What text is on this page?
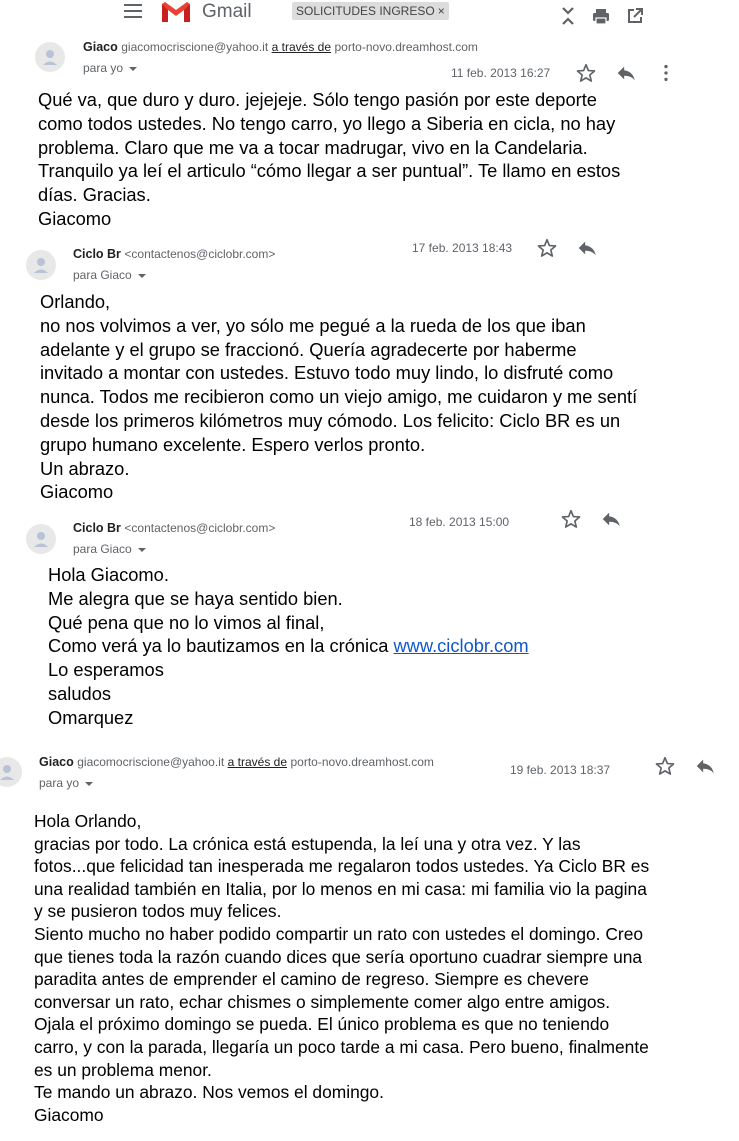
Gmail	SOLICITUDES INGRESO ×
Giaco giacomocriscione@yahoo.it a través de porto-novo.dreamhost.com
para yo	11 feb. 2013 16:27
Qué va, que duro y duro. jejejeje. Sólo tengo pasión por este deporte
como todos ustedes. No tengo carro, yo llego a Siberia en cicla, no hay
problema. Claro que me va a tocar madrugar, vivo en la Candelaria.
Tranquilo ya leí el articulo “cómo llegar a ser puntual”. Te llamo en estos
días. Gracias.
Giacomo
Ciclo Br <contactenos@ciclobr.com>
para Giaco
17 feb. 2013 18:43
Orlando,
no nos volvimos a ver, yo sólo me pegué a la rueda de los que iban
adelante y el grupo se fraccionó. Quería agradecerte por haberme
invitado a montar con ustedes. Estuvo todo muy lindo, lo disfruté como
nunca. Todos me recibieron como un viejo amigo, me cuidaron y me sentí
desde los primeros kilómetros muy cómodo. Los felicito: Ciclo BR es un
grupo humano excelente. Espero verlos pronto.
Un abrazo.
Giacomo
Ciclo Br <contactenos@ciclobr.com>
para Giaco
18 feb. 2013 15:00
Hola Giacomo.
Me alegra que se haya sentido bien.
Qué pena que no lo vimos al final,
Como verá ya lo bautizamos en la crónica www.ciclobr.com
Lo esperamos
saludos
Omarquez
Giaco giacomocriscione@yahoo.it a través de porto-novo.dreamhost.com
para yo
19 feb. 2013 18:37
Hola Orlando,
gracias por todo. La crónica está estupenda, la leí una y otra vez. Y las
fotos...que felicidad tan inesperada me regalaron todos ustedes. Ya Ciclo BR es
una realidad también en Italia, por lo menos en mi casa: mi familia vio la pagina
y se pusieron todos muy felices.
Siento mucho no haber podido compartir un rato con ustedes el domingo. Creo
que tienes toda la razón cuando dices que sería oportuno cuadrar siempre una
paradita antes de emprender el camino de regreso. Siempre es chevere
conversar un rato, echar chismes o simplemente comer algo entre amigos.
Ojala el próximo domingo se pueda. El único problema es que no teniendo
carro, y con la parada, llegaría un poco tarde a mi casa. Pero bueno, finalmente
es un problema menor.
Te mando un abrazo. Nos vemos el domingo.
Giacomo
